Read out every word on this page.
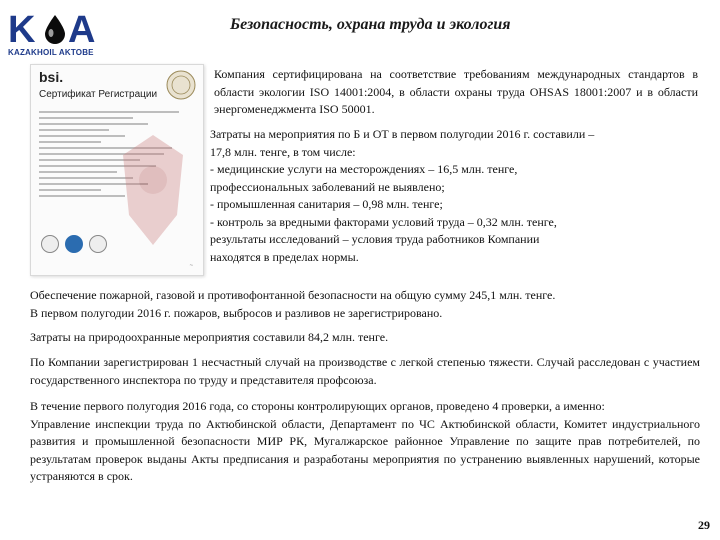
K A
KAZAKHOIL AKTOBE
Безопасность, охрана труда и экология
bsi.
Сертификат Регистрации
~

Компания сертифицирована на соответствие требованиям международных стандартов в области экологии ISO 14001:2004, в области охраны труда OHSAS 18001:2007 и в области энергоменеджмента ISO 50001.

Затраты на мероприятия по Б и ОТ в первом полугодии 2016 г. составили –
17,8 млн. тенге, в том числе:
- медицинские услуги на месторождениях – 16,5 млн. тенге,
профессиональных заболеваний не выявлено;
- промышленная санитария – 0,98 млн. тенге;
- контроль за вредными факторами условий труда – 0,32 млн. тенге,
результаты исследований – условия труда работников Компании
находятся в пределах нормы.
Обеспечение пожарной, газовой и противофонтанной безопасности на общую сумму 245,1 млн. тенге.
В первом полугодии 2016 г. пожаров, выбросов и разливов не зарегистрировано.

Затраты на природоохранные мероприятия составили 84,2 млн. тенге.

По Компании зарегистрирован 1 несчастный случай на производстве с легкой степенью тяжести. Случай расследован с участием государственного инспектора по труду и представителя профсоюза.

В течение первого полугодия 2016 года, со стороны контролирующих органов, проведено 4 проверки, а именно:
Управление инспекции труда по Актюбинской области, Департамент по ЧС Актюбинской области, Комитет индустриального развития и промышленной безопасности МИР РК, Мугалжарское районное Управление по защите прав потребителей, по результатам проверок выданы Акты предписания и разработаны мероприятия по устранению выявленных нарушений, которые устраняются в срок.
29
